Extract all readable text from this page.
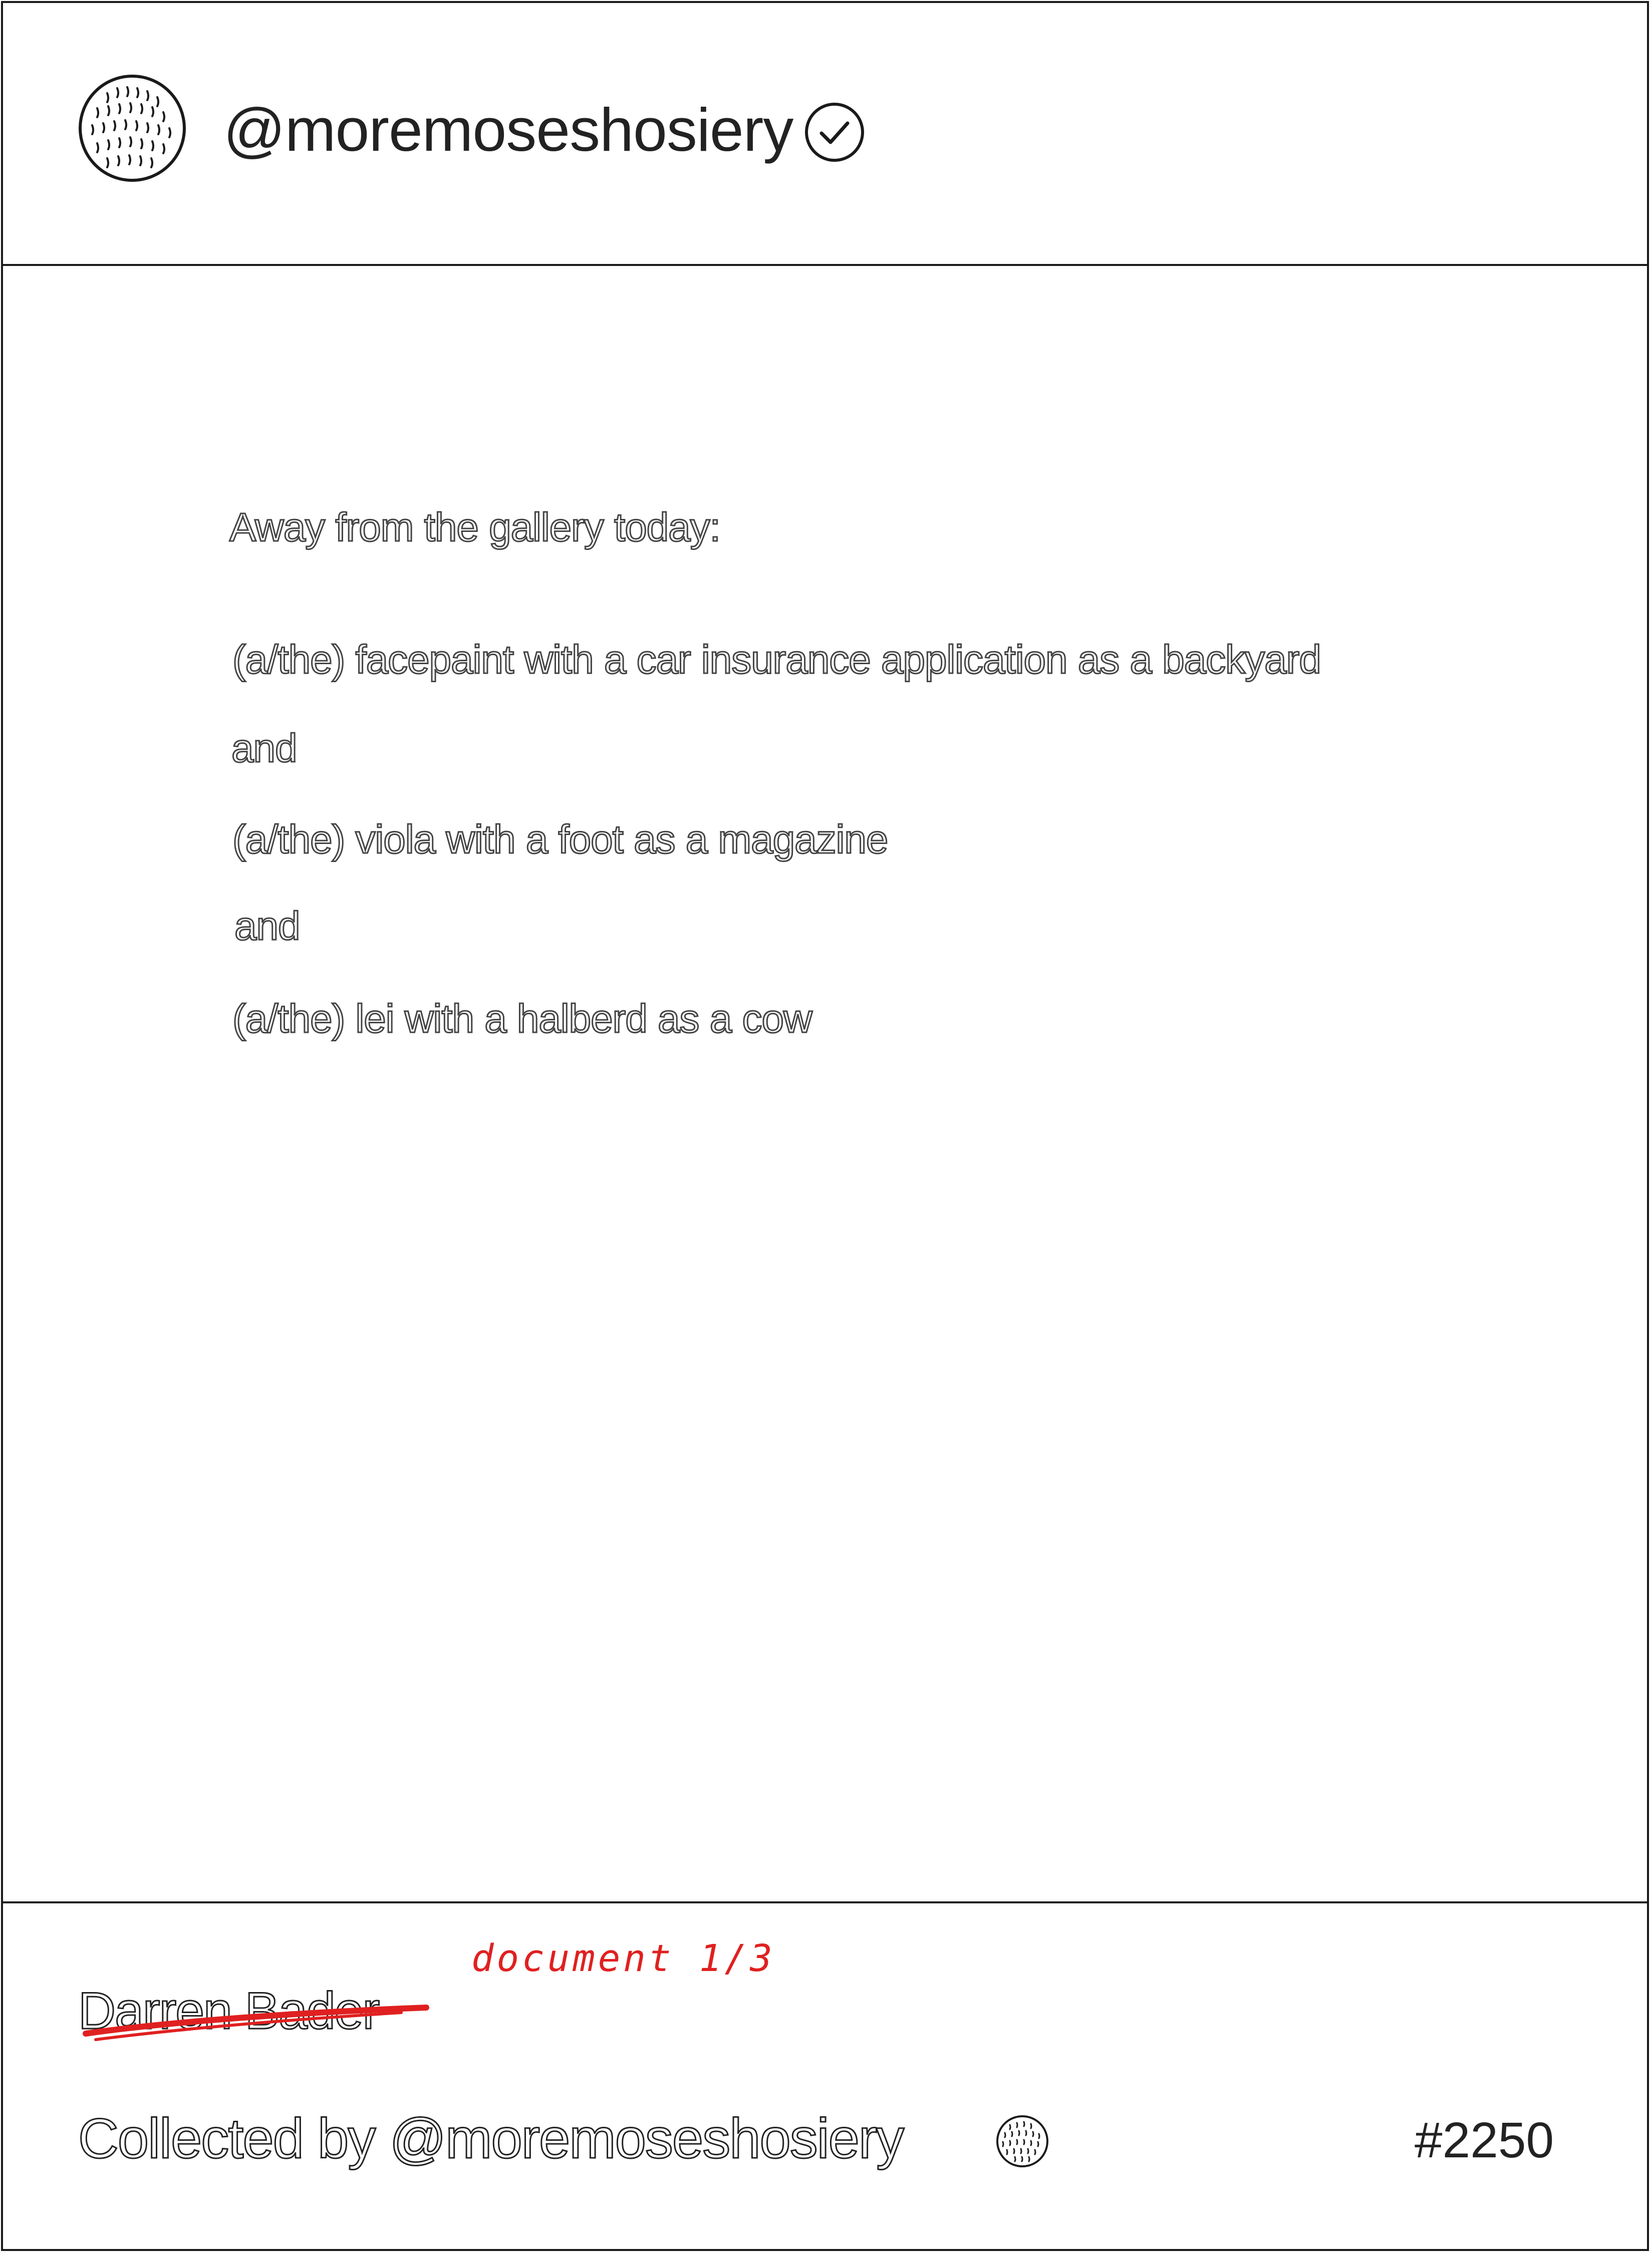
@moremoseshosiery
Away from the gallery today:
(a/the) facepaint with a car insurance application as a backyard
and
(a/the) viola with a foot as a magazine
and
(a/the) lei with a halberd as a cow
Darren Bader
document 1/3
Collected by @moremoseshosiery	#2250
